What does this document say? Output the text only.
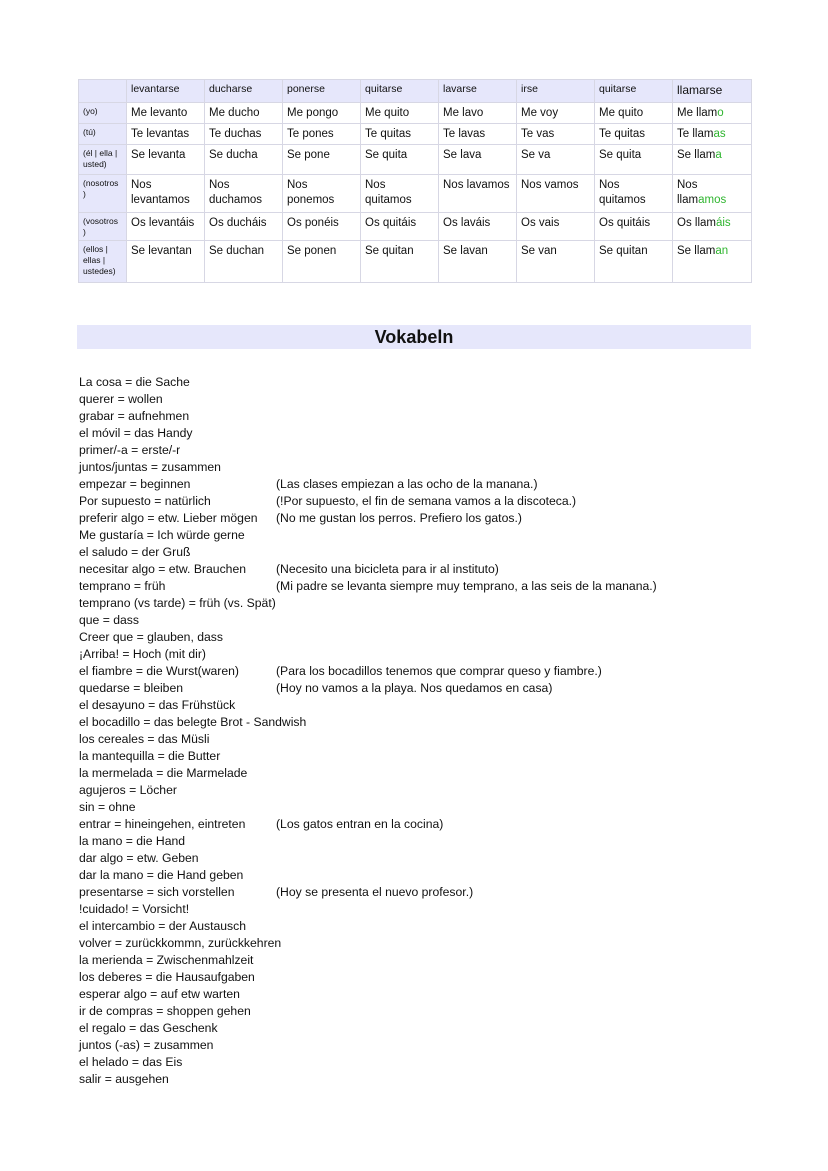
	levantarse	ducharse	ponerse	quitarse	lavarse	irse	quitarse	llamarse
(yo)	Me levanto	Me ducho	Me pongo	Me quito	Me lavo	Me voy	Me quito	Me llamo
(tú)	Te levantas	Te duchas	Te pones	Te quitas	Te lavas	Te vas	Te quitas	Te llamas
(él | ella | usted)	Se levanta	Se ducha	Se pone	Se quita	Se lava	Se va	Se quita	Se llama
(nosotros )	Nos levantamos	Nos duchamos	Nos ponemos	Nos quitamos	Nos lavamos	Nos vamos	Nos quitamos	Nos llamamos
(vosotros )	Os levantáis	Os ducháis	Os ponéis	Os quitáis	Os laváis	Os vais	Os quitáis	Os llamáis
(ellos | ellas | ustedes)	Se levantan	Se duchan	Se ponen	Se quitan	Se lavan	Se van	Se quitan	Se llaman
Vokabeln
La cosa = die Sache
querer = wollen
grabar = aufnehmen
el móvil = das Handy
primer/-a = erste/-r
juntos/juntas = zusammen
empezar = beginnen	(Las clases empiezan a las ocho de la manana.)
Por supuesto = natürlich	(!Por supuesto, el fin de semana vamos a la discoteca.)
preferir algo = etw. Lieber mögen (No me gustan los perros. Prefiero los gatos.)
Me gustaría = Ich würde gerne
el saludo = der Gruß
necesitar algo = etw. Brauchen (Necesito una bicicleta para ir al instituto)
temprano = früh	(Mi padre se levanta siempre muy temprano, a las seis de la manana.)
temprano (vs tarde) = früh (vs. Spät)
que = dass
Creer que = glauben, dass
¡Arriba! = Hoch (mit dir)
el fiambre = die Wurst(waren)	(Para los bocadillos tenemos que comprar queso y fiambre.)
quedarse = bleiben	(Hoy no vamos a la playa. Nos quedamos en casa)
el desayuno = das Frühstück
el bocadillo = das belegte Brot - Sandwish
los cereales = das Müsli
la mantequilla = die Butter
la mermelada = die Marmelade
agujeros = Löcher
sin = ohne
entrar = hineingehen, eintreten	(Los gatos entran en la cocina)
la mano = die Hand
dar algo = etw. Geben
dar la mano = die Hand geben
presentarse = sich vorstellen	(Hoy se presenta el nuevo profesor.)
!cuidado! = Vorsicht!
el intercambio = der Austausch
volver = zurückkommn, zurückkehren
la merienda = Zwischenmahlzeit
los deberes = die Hausaufgaben
esperar algo = auf etw warten
ir de compras = shoppen gehen
el regalo = das Geschenk
juntos (-as) = zusammen
el helado = das Eis
salir = ausgehen
